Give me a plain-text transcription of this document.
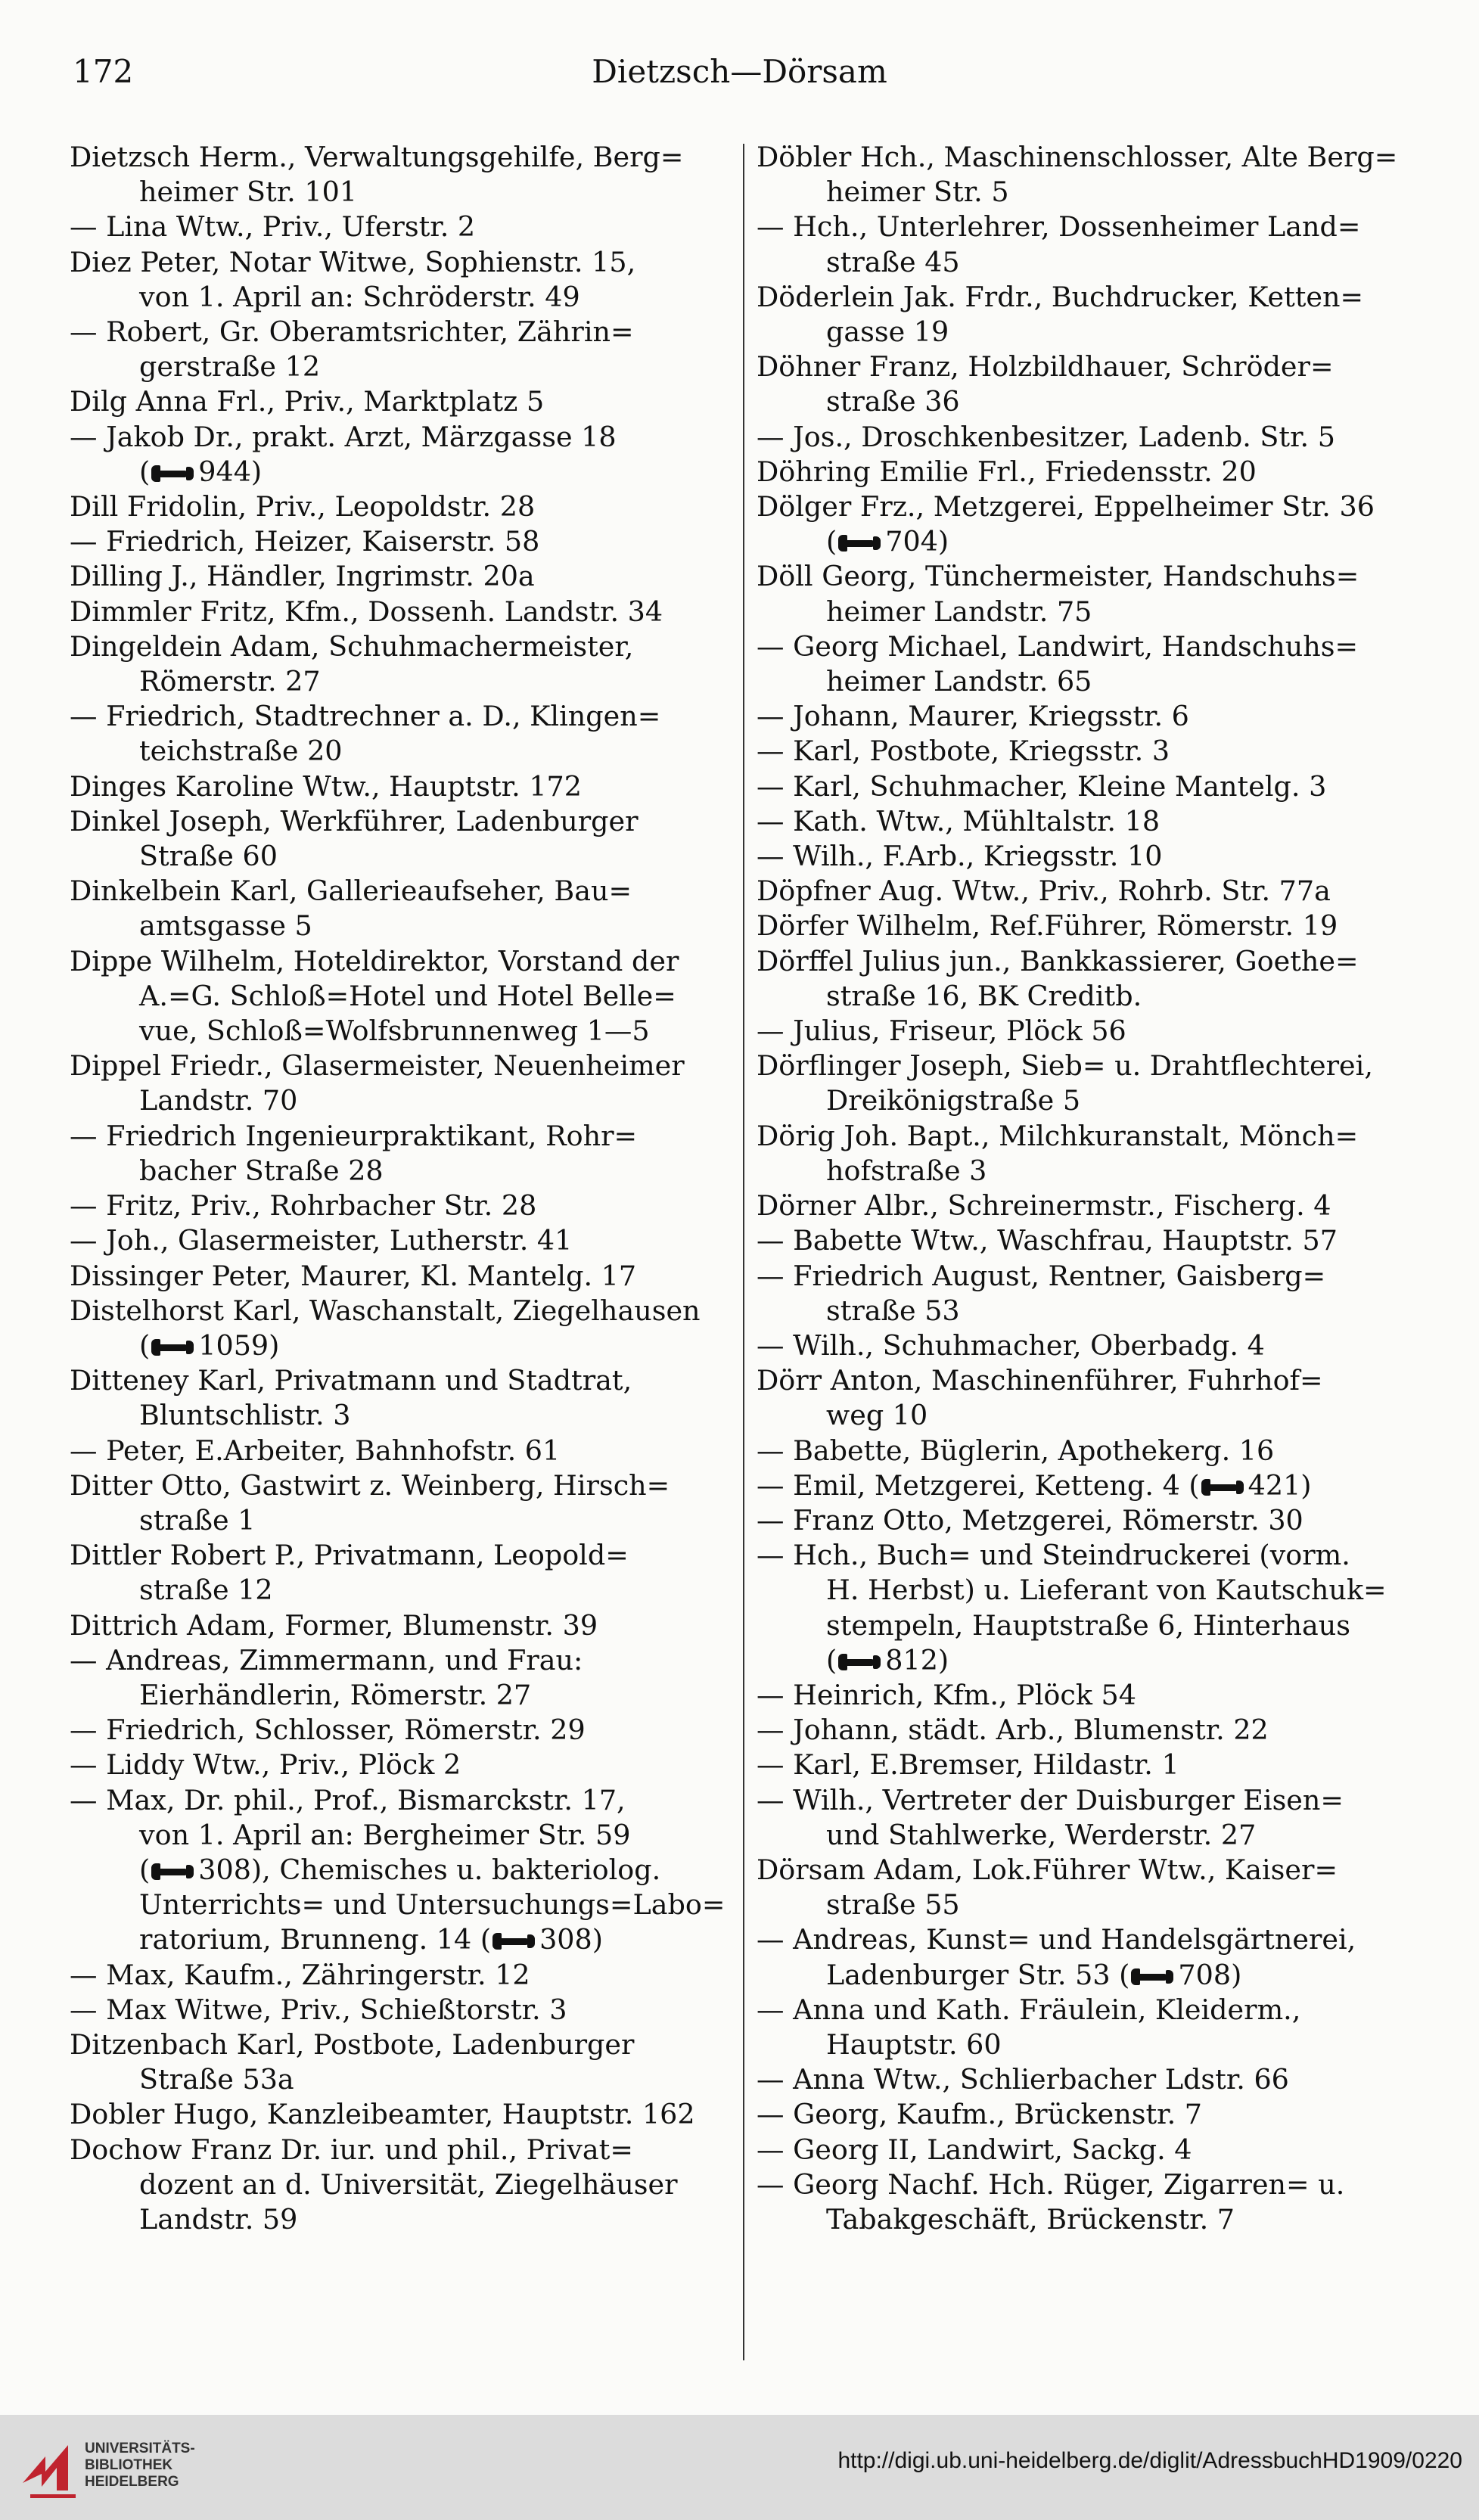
Dietzsch—Dörsam
172
Dietzsch Herm., Verwaltungsgehilfe, Berg=
heimer Str. 101
— Lina Wtw., Priv., Uferstr. 2
Diez Peter, Notar Witwe, Sophienstr. 15,
von 1. April an: Schröderstr. 49
— Robert, Gr. Oberamtsrichter, Zährin=
gerstraße 12
Dilg Anna Frl., Priv., Marktplatz 5
— Jakob Dr., prakt. Arzt, Märzgasse 18
( 944)
Dill Fridolin, Priv., Leopoldstr. 28
— Friedrich, Heizer, Kaiserstr. 58
Dilling J., Händler, Ingrimstr. 20a
Dimmler Fritz, Kfm., Dossenh. Landstr. 34
Dingeldein Adam, Schuhmachermeister,
Römerstr. 27
— Friedrich, Stadtrechner a. D., Klingen=
teichstraße 20
Dinges Karoline Wtw., Hauptstr. 172
Dinkel Joseph, Werkführer, Ladenburger
Straße 60
Dinkelbein Karl, Gallerieaufseher, Bau=
amtsgasse 5
Dippe Wilhelm, Hoteldirektor, Vorstand der
A.=G. Schloß=Hotel und Hotel Belle=
vue, Schloß=Wolfsbrunnenweg 1—5
Dippel Friedr., Glasermeister, Neuenheimer
Landstr. 70
— Friedrich Ingenieurpraktikant, Rohr=
bacher Straße 28
— Fritz, Priv., Rohrbacher Str. 28
— Joh., Glasermeister, Lutherstr. 41
Dissinger Peter, Maurer, Kl. Mantelg. 17
Distelhorst Karl, Waschanstalt, Ziegelhausen
( 1059)
Ditteney Karl, Privatmann und Stadtrat,
Bluntschlistr. 3
— Peter, E.Arbeiter, Bahnhofstr. 61
Ditter Otto, Gastwirt z. Weinberg, Hirsch=
straße 1
Dittler Robert P., Privatmann, Leopold=
straße 12
Dittrich Adam, Former, Blumenstr. 39
— Andreas, Zimmermann, und Frau:
Eierhändlerin, Römerstr. 27
— Friedrich, Schlosser, Römerstr. 29
— Liddy Wtw., Priv., Plöck 2
— Max, Dr. phil., Prof., Bismarckstr. 17,
von 1. April an: Bergheimer Str. 59
( 308), Chemisches u. bakteriolog.
Unterrichts= und Untersuchungs=Labo=
ratorium, Brunneng. 14 ( 308)
— Max, Kaufm., Zähringerstr. 12
— Max Witwe, Priv., Schießtorstr. 3
Ditzenbach Karl, Postbote, Ladenburger
Straße 53a
Dobler Hugo, Kanzleibeamter, Hauptstr. 162
Dochow Franz Dr. iur. und phil., Privat=
dozent an d. Universität, Ziegelhäuser
Landstr. 59
Döbler Hch., Maschinenschlosser, Alte Berg=
heimer Str. 5
— Hch., Unterlehrer, Dossenheimer Land=
straße 45
Döderlein Jak. Frdr., Buchdrucker, Ketten=
gasse 19
Döhner Franz, Holzbildhauer, Schröder=
straße 36
— Jos., Droschkenbesitzer, Ladenb. Str. 5
Döhring Emilie Frl., Friedensstr. 20
Dölger Frz., Metzgerei, Eppelheimer Str. 36
( 704)
Döll Georg, Tünchermeister, Handschuhs=
heimer Landstr. 75
— Georg Michael, Landwirt, Handschuhs=
heimer Landstr. 65
— Johann, Maurer, Kriegsstr. 6
— Karl, Postbote, Kriegsstr. 3
— Karl, Schuhmacher, Kleine Mantelg. 3
— Kath. Wtw., Mühltalstr. 18
— Wilh., F.Arb., Kriegsstr. 10
Döpfner Aug. Wtw., Priv., Rohrb. Str. 77a
Dörfer Wilhelm, Ref.Führer, Römerstr. 19
Dörffel Julius jun., Bankkassierer, Goethe=
straße 16, BK Creditb.
— Julius, Friseur, Plöck 56
Dörflinger Joseph, Sieb= u. Drahtflechterei,
Dreikönigstraße 5
Dörig Joh. Bapt., Milchkuranstalt, Mönch=
hofstraße 3
Dörner Albr., Schreinermstr., Fischerg. 4
— Babette Wtw., Waschfrau, Hauptstr. 57
— Friedrich August, Rentner, Gaisberg=
straße 53
— Wilh., Schuhmacher, Oberbadg. 4
Dörr Anton, Maschinenführer, Fuhrhof=
weg 10
— Babette, Büglerin, Apothekerg. 16
— Emil, Metzgerei, Ketteng. 4 ( 421)
— Franz Otto, Metzgerei, Römerstr. 30
— Hch., Buch= und Steindruckerei (vorm.
H. Herbst) u. Lieferant von Kautschuk=
stempeln, Hauptstraße 6, Hinterhaus
( 812)
— Heinrich, Kfm., Plöck 54
— Johann, städt. Arb., Blumenstr. 22
— Karl, E.Bremser, Hildastr. 1
— Wilh., Vertreter der Duisburger Eisen=
und Stahlwerke, Werderstr. 27
Dörsam Adam, Lok.Führer Wtw., Kaiser=
straße 55
— Andreas, Kunst= und Handelsgärtnerei,
Ladenburger Str. 53 ( 708)
— Anna und Kath. Fräulein, Kleiderm.,
Hauptstr. 60
— Anna Wtw., Schlierbacher Ldstr. 66
— Georg, Kaufm., Brückenstr. 7
— Georg II, Landwirt, Sackg. 4
— Georg Nachf. Hch. Rüger, Zigarren= u.
Tabakgeschäft, Brückenstr. 7
UNIVERSITÄTS-
BIBLIOTHEK
HEIDELBERG
http://digi.ub.uni-heidelberg.de/diglit/AdressbuchHD1909/0220
